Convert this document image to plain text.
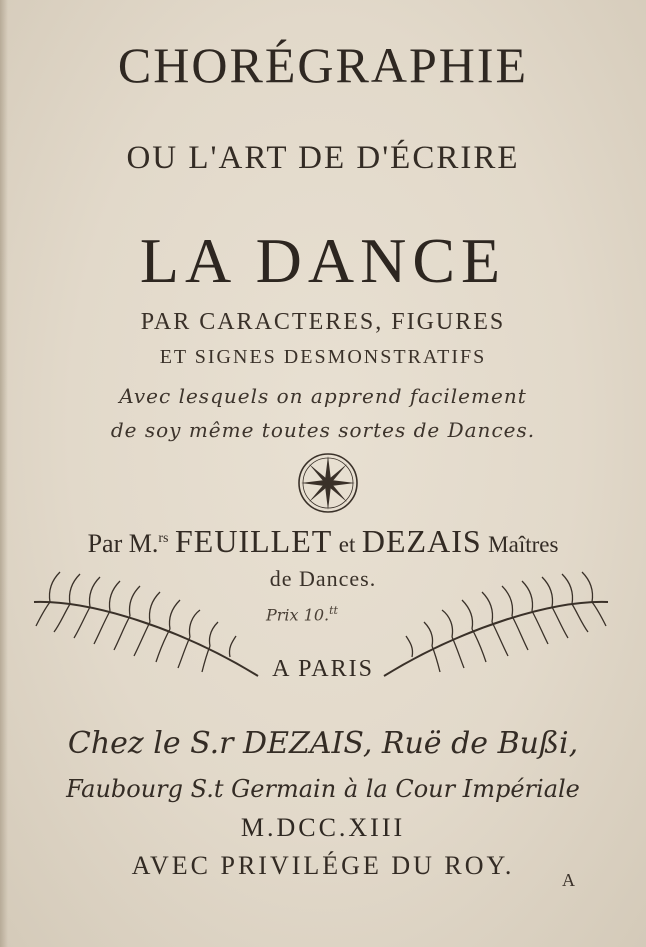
CHORÉGRAPHIE
OU L'ART DE D'ÉCRIRE
LA DANCE
PAR CARACTERES, FIGURES
ET SIGNES DESMONSTRATIFS
Avec lesquels on apprend facilement
de soy même toutes sortes de Dances.
Par M.$^{rs}$ FEUILLET et DEZAIS Maîtres
de Dances.
Prix 10.$^{tt}$
A PARIS
Chez le S.r DEZAIS, Ruë de Bußi,
Faubourg S.t Germain à la Cour Impériale
M.DCC.XIII
AVEC PRIVILÉGE DU ROY.	A
